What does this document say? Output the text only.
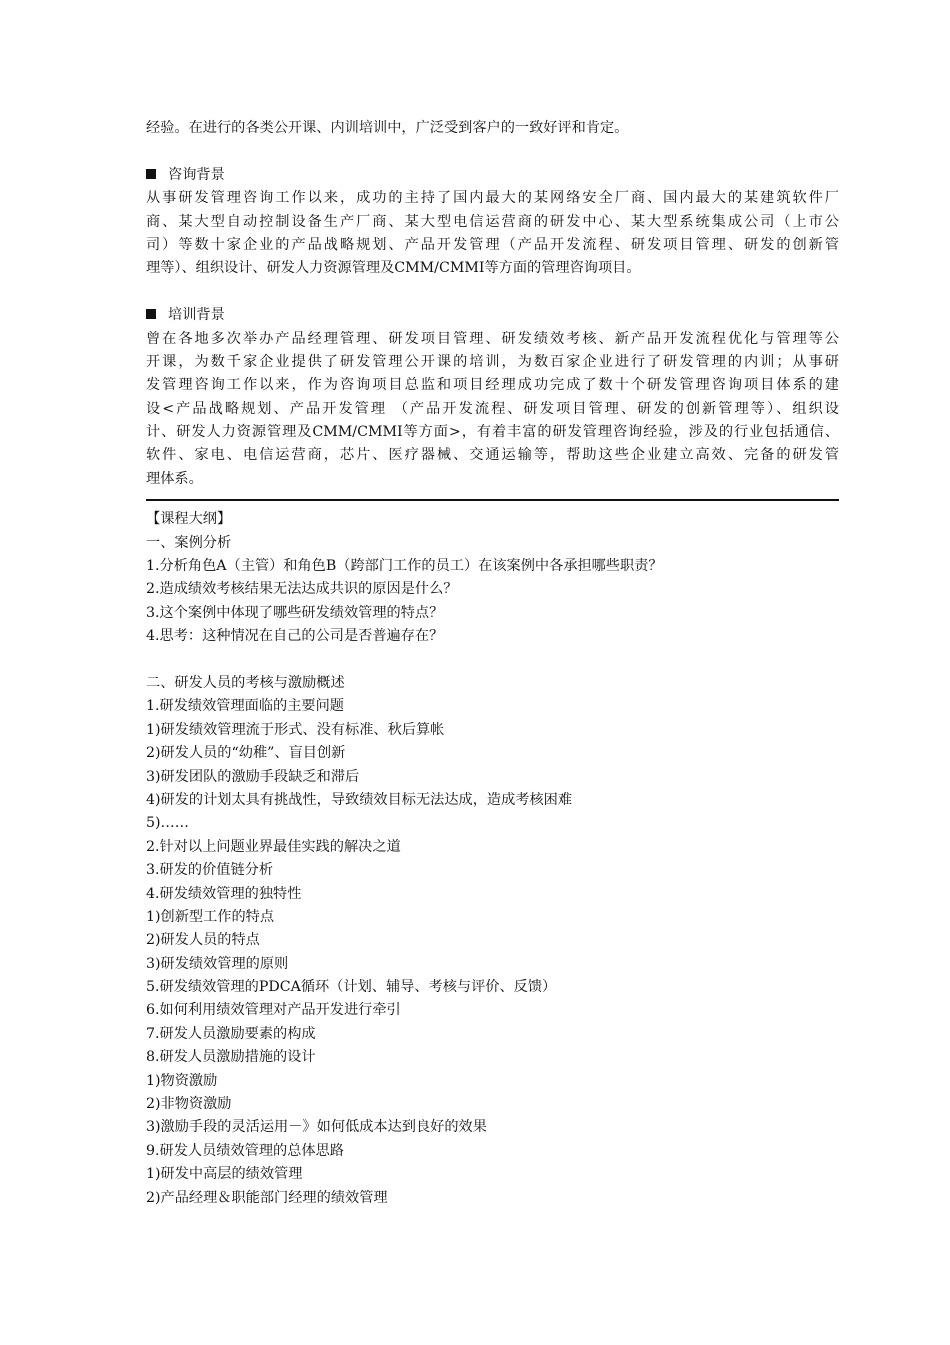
经验。在进行的各类公开课、内训培训中，广泛受到客户的一致好评和肯定。
咨询背景
从事研发管理咨询工作以来，成功的主持了国内最大的某网络安全厂商、国内最大的某建筑软件厂
商、某大型自动控制设备生产厂商、某大型电信运营商的研发中心、某大型系统集成公司（上市公
司）等数十家企业的产品战略规划、产品开发管理（产品开发流程、研发项目管理、研发的创新管
理等）、组织设计、研发人力资源管理及CMM/CMMI等方面的管理咨询项目。
培训背景
曾在各地多次举办产品经理管理、研发项目管理、研发绩效考核、新产品开发流程优化与管理等公
开课，为数千家企业提供了研发管理公开课的培训，为数百家企业进行了研发管理的内训；从事研
发管理咨询工作以来，作为咨询项目总监和项目经理成功完成了数十个研发管理咨询项目体系的建
设<产品战略规划、产品开发管理 （产品开发流程、研发项目管理、研发的创新管理等）、组织设
计、研发人力资源管理及CMM/CMMI等方面>，有着丰富的研发管理咨询经验，涉及的行业包括通信、
软件、家电、电信运营商，芯片、医疗器械、交通运输等，帮助这些企业建立高效、完备的研发管
理体系。
【课程大纲】
一、案例分析
1.分析角色A（主管）和角色B（跨部门工作的员工）在该案例中各承担哪些职责？
2.造成绩效考核结果无法达成共识的原因是什么？
3.这个案例中体现了哪些研发绩效管理的特点？
4.思考：这种情况在自己的公司是否普遍存在？
二、研发人员的考核与激励概述
1.研发绩效管理面临的主要问题
1)研发绩效管理流于形式、没有标准、秋后算帐
2)研发人员的“幼稚”、盲目创新
3)研发团队的激励手段缺乏和滞后
4)研发的计划太具有挑战性，导致绩效目标无法达成，造成考核困难
5)……
2.针对以上问题业界最佳实践的解决之道
3.研发的价值链分析
4.研发绩效管理的独特性
1)创新型工作的特点
2)研发人员的特点
3)研发绩效管理的原则
5.研发绩效管理的PDCA循环（计划、辅导、考核与评价、反馈）
6.如何利用绩效管理对产品开发进行牵引
7.研发人员激励要素的构成
8.研发人员激励措施的设计
1)物资激励
2)非物资激励
3)激励手段的灵活运用－》如何低成本达到良好的效果
9.研发人员绩效管理的总体思路
1)研发中高层的绩效管理
2)产品经理＆职能部门经理的绩效管理
